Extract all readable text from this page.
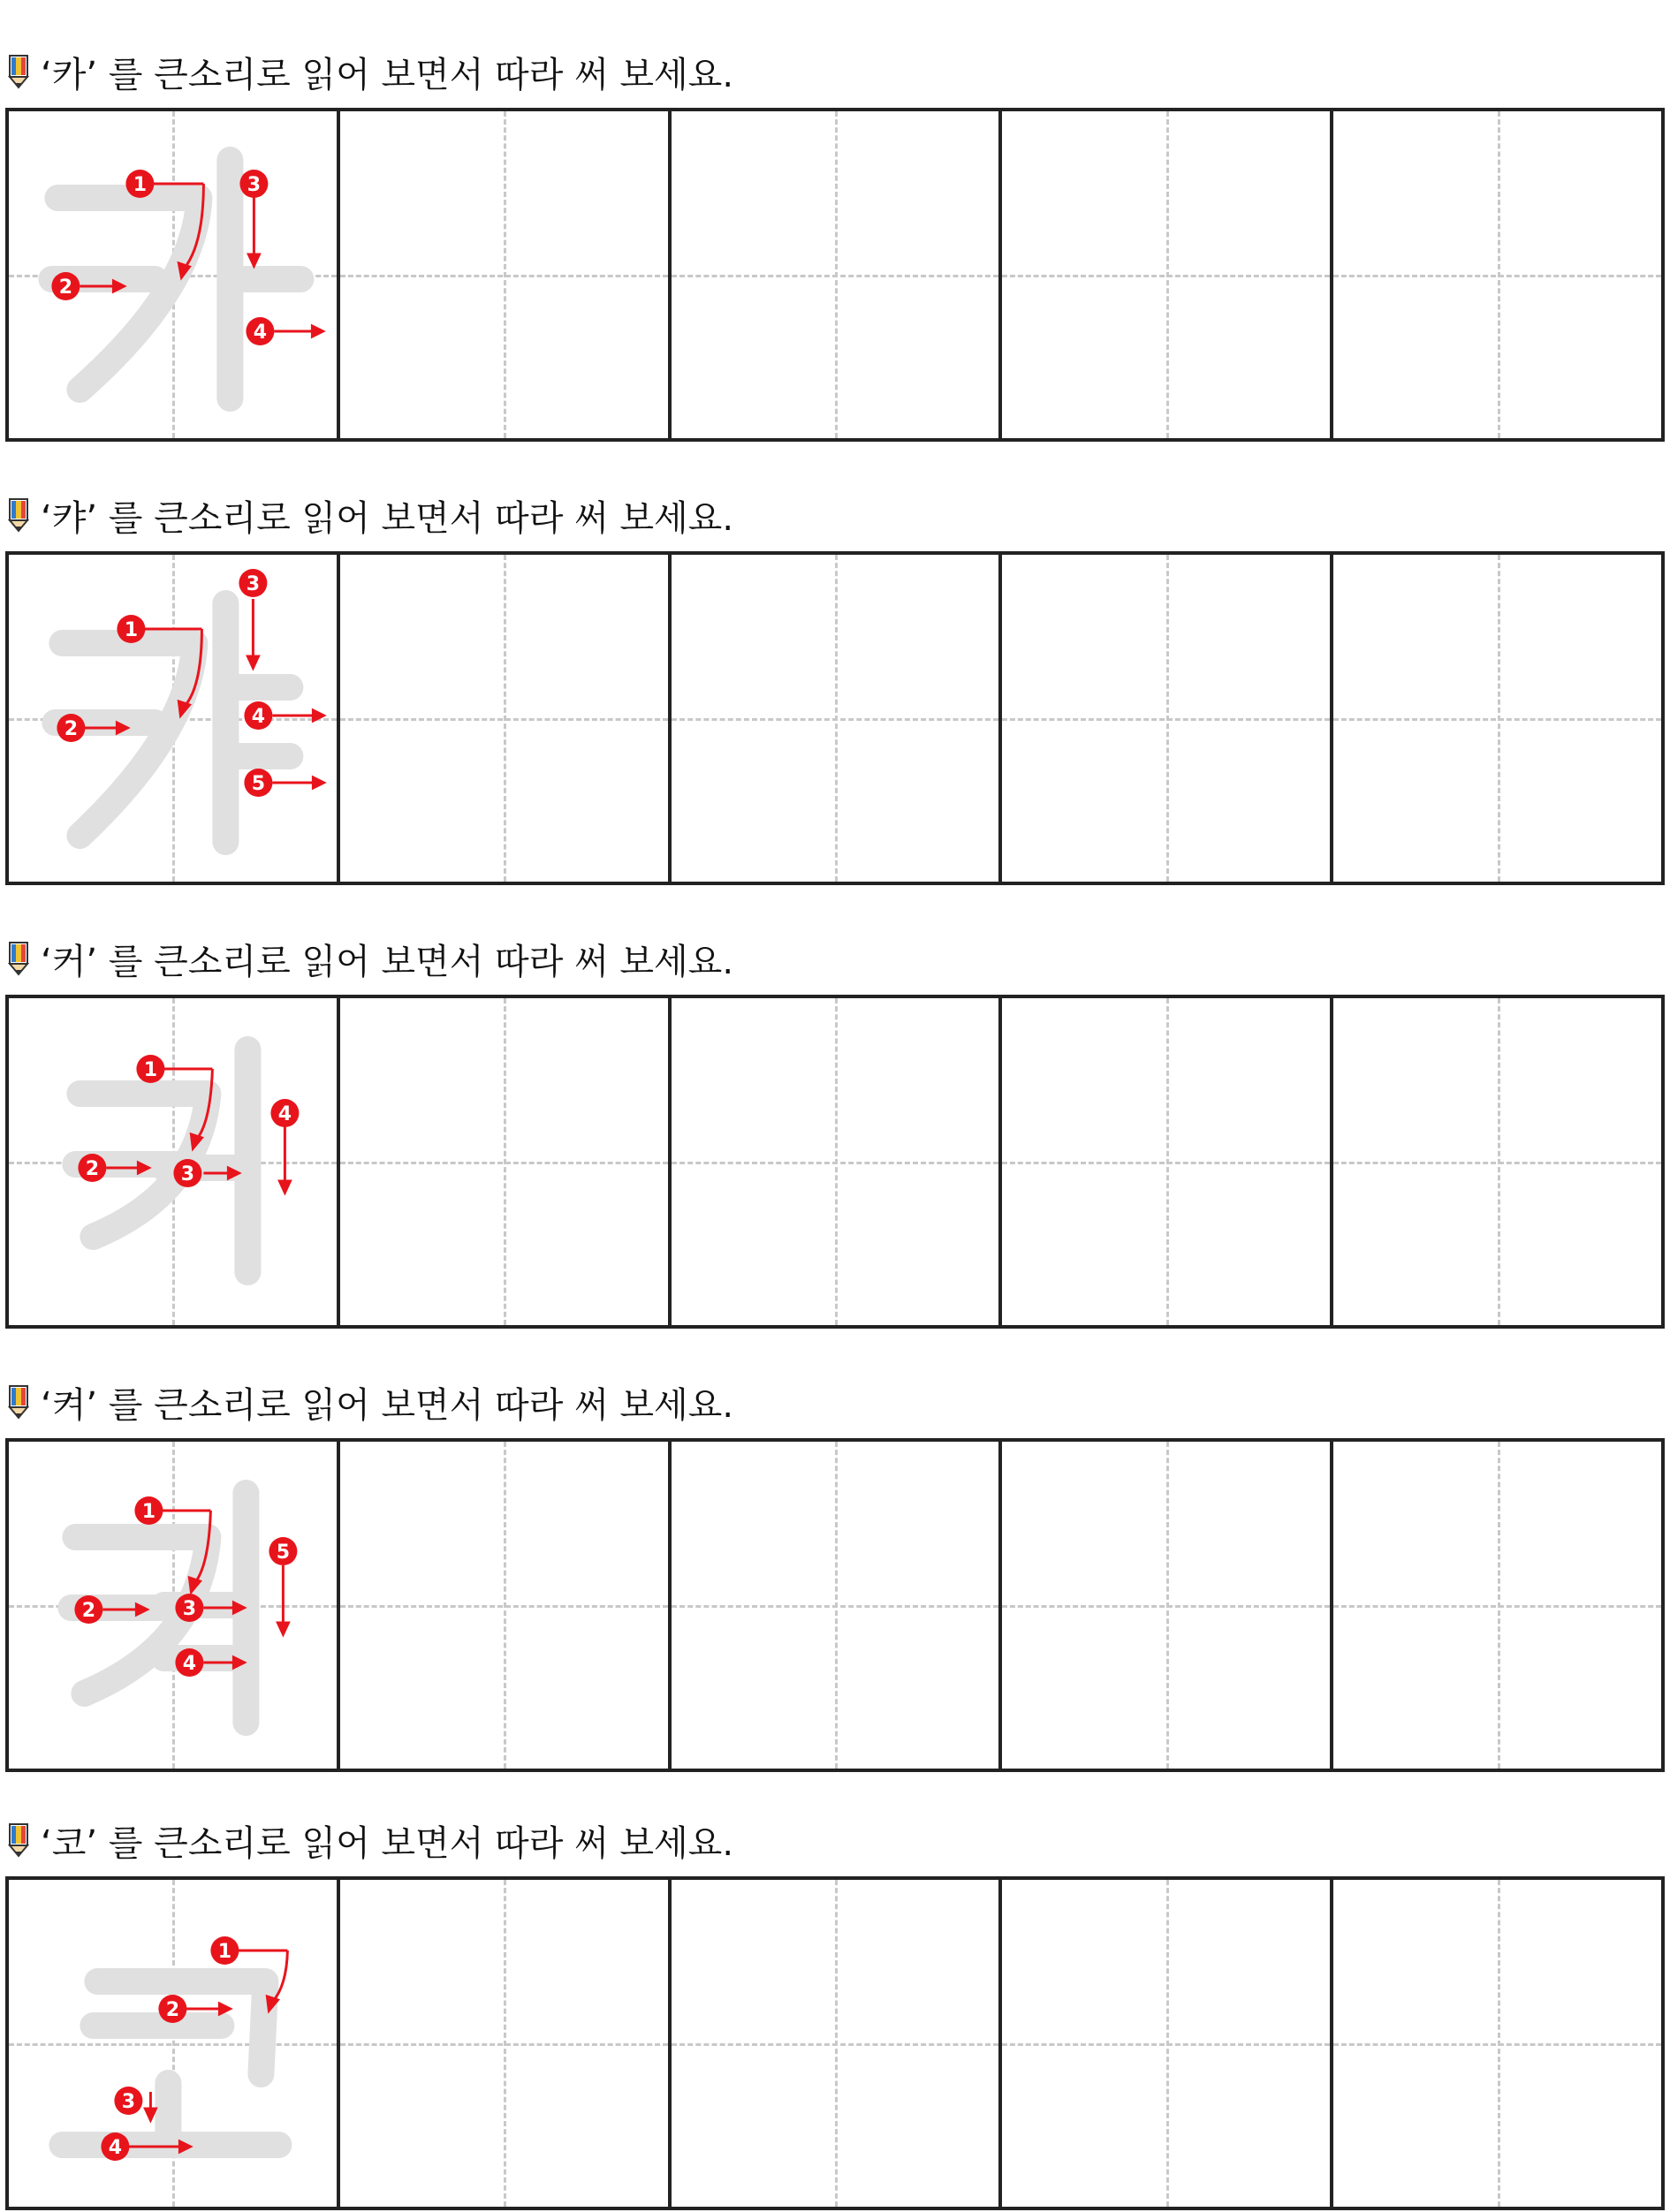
‘카’
를 큰소리로 읽어 보면서 따라 써 보세요.
1
2
3
4
‘캬’
를 큰소리로 읽어 보면서 따라 써 보세요.
1
2
3
4
5
‘커’
를 큰소리로 읽어 보면서 따라 써 보세요.
1
2	3
4
‘켜’
를 큰소리로 읽어 보면서 따라 써 보세요.
1
2	3
4
5
‘코’
를 큰소리로 읽어 보면서 따라 써 보세요.
1
2
3
4
